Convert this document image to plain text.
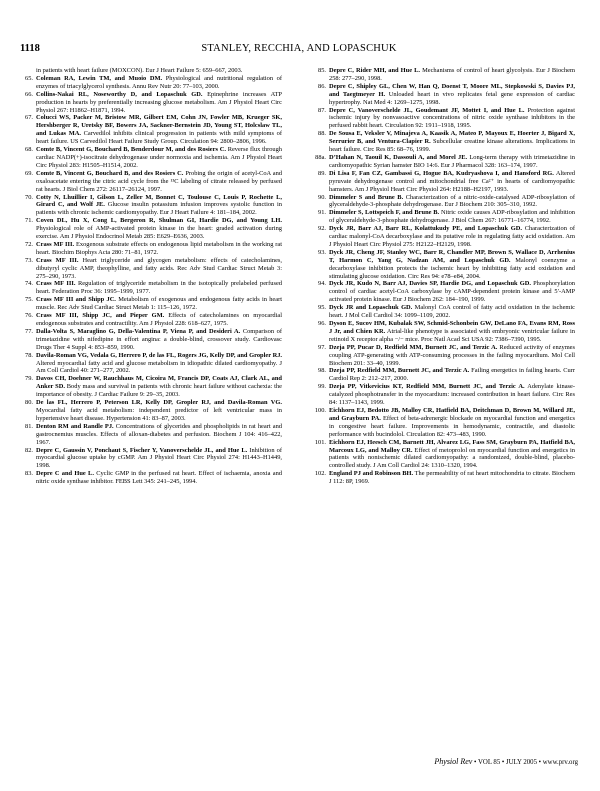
1118	STANLEY, RECCHIA, AND LOPASCHUK

in patients with heart failure (MOXCON). Eur J Heart Failure 5: 659–667, 2003.

65. Coleman RA, Lewin TM, and Muoio DM. Physiological and nutritional regulation of enzymes of triacylglycerol synthesis. Annu Rev Nutr 20: 77–103, 2000.

66. Collins-Nakai RL, Noseworthy D, and Lopaschuk GD. Epinephrine increases ATP production in hearts by preferentially increasing glucose metabolism. Am J Physiol Heart Circ Physiol 267: H1862–H1871, 1994.

67. Colucci WS, Packer M, Bristow MR, Gilbert EM, Cohn JN, Fowler MB, Krueger SK, Hershberger R, Uretsky BF, Bowers JA, Sackner-Bernstein JD, Young ST, Holcslaw TL, and Lukas MA. Carvedilol inhibits clinical progression in patients with mild symptoms of heart failure. US Carvedilol Heart Failure Study Group. Circulation 94: 2800–2806, 1996.

68. Comte B, Vincent G, Bouchard B, Benderdour M, and des Rosiers C. Reverse flux through cardiac NADP(+)-isocitrate dehydrogenase under normoxia and ischemia. Am J Physiol Heart Circ Physiol 283: H1505–H1514, 2002.

69. Comte B, Vincent G, Bouchard B, and des Rosiers C. Probing the origin of acetyl-CoA and oxaloacetate entering the citric acid cycle from the ¹³C labeling of citrate released by perfused rat hearts. J Biol Chem 272: 26117–26124, 1997.

70. Cotty N, Lhuillier I, Gilson L, Zeller M, Bonnet C, Toulouse C, Louis P, Rochette L, Girard C, and Wolf JE. Glucose insulin potassium infusion improves systolic function in patients with chronic ischemic cardiomyopathy. Eur J Heart Failure 4: 181–184, 2002.

71. Coven DL, Hu X, Cong L, Bergeron R, Shulman GI, Hardie DG, and Young LH. Physiological role of AMP-activated protein kinase in the heart: graded activation during exercise. Am J Physiol Endocrinol Metab 285: E629–E636, 2003.

72. Crass MF III. Exogenous substrate effects on endogenous lipid metabolism in the working rat heart. Biochim Biophys Acta 280: 71–81, 1972.

73. Crass MF III. Heart triglyceride and glycogen metabolism: effects of catecholamines, dibutyryl cyclic AMP, theophylline, and fatty acids. Rec Adv Stud Cardiac Struct Metab 3: 275–290, 1973.

74. Crass MF III. Regulation of triglyceride metabolism in the isotopically prelabeled perfused heart. Federation Proc 36: 1995–1999, 1977.

75. Crass MF III and Shipp JC. Metabolism of exogenous and endogenous fatty acids in heart muscle. Rec Adv Stud Cardiac Struct Metab 1: 115–126, 1972.

76. Crass MF III, Shipp JC, and Pieper GM. Effects of catecholamines on myocardial endogenous substrates and contractility. Am J Physiol 228: 618–627, 1975.

77. Dalla-Volta S, Maraglino G, Della-Valentina P, Viena P, and Desideri A. Comparison of trimetazidine with nifedipine in effort angina: a double-blind, crossover study. Cardiovasc Drugs Ther 4 Suppl 4: 853–859, 1990.

78. Davila-Roman VG, Vedala G, Herrero P, de las FL, Rogers JG, Kelly DP, and Gropler RJ. Altered myocardial fatty acid and glucose metabolism in idiopathic dilated cardiomyopathy. J Am Coll Cardiol 40: 271–277, 2002.

79. Davos CH, Doehner W, Rauchhaus M, Cicoira M, Francis DP, Coats AJ, Clark AL, and Anker SD. Body mass and survival in patients with chronic heart failure without cachexia: the importance of obesity. J Cardiac Failure 9: 29–35, 2003.

80. De las FL, Herrero P, Peterson LR, Kelly DP, Gropler RJ, and Davila-Roman VG. Myocardial fatty acid metabolism: independent predictor of left ventricular mass in hypertensive heart disease. Hypertension 41: 83–87, 2003.

81. Denton RM and Randle PJ. Concentrations of glycerides and phospholipids in rat heart and gastrocnemius muscles. Effects of alloxan-diabetes and perfusion. Biochem J 104: 416–422, 1967.

82. Depre C, Gaussin V, Ponchaut S, Fischer Y, Vanoverschelde JL, and Hue L. Inhibition of myocardial glucose uptake by cGMP. Am J Physiol Heart Circ Physiol 274: H1443–H1449, 1998.

83. Depre C and Hue L. Cyclic GMP in the perfused rat heart. Effect of ischaemia, anoxia and nitric oxide synthase inhibitor. FEBS Lett 345: 241–245, 1994.

85. Depre C, Rider MH, and Hue L. Mechanisms of control of heart glycolysis. Eur J Biochem 258: 277–290, 1998.

86. Depre C, Shipley GL, Chen W, Han Q, Doenst T, Moore ML, Stepkowski S, Davies PJ, and Taegtmeyer H. Unloaded heart in vivo replicates fetal gene expression of cardiac hypertrophy. Nat Med 4: 1269–1275, 1998.

87. Depre C, Vanoverschelde JL, Goudemant JF, Mottet I, and Hue L. Protection against ischemic injury by nonvasoactive concentrations of nitric oxide synthase inhibitors in the perfused rabbit heart. Circulation 92: 1911–1918, 1995.

88. De Sousa E, Veksler V, Minajeva A, Kaasik A, Mateo P, Mayoux E, Hoerter J, Bigard X, Serrurier B, and Ventura-Clapier R. Subcellular creatine kinase alterations. Implications in heart failure. Circ Res 85: 68–76, 1999.

88a. D’Hahan N, Taouil K, Dassouli A, and Morel JE. Long-term therapy with trimetazidine in cardiomyopathic Syrian hamster BIO 14:6. Eur J Pharmacol 328: 163–174, 1997.

89. Di Lisa F, Fan CZ, Gambassi G, Hogue BA, Kudryashova I, and Hansford RG. Altered pyruvate dehydrogenase control and mitochondrial free Ca²⁺ in hearts of cardiomyopathic hamsters. Am J Physiol Heart Circ Physiol 264: H2188–H2197, 1993.

90. Dimmeler S and Brune B. Characterization of a nitric-oxide-catalysed ADP-ribosylation of glyceraldehyde-3-phosphate dehydrogenase. Eur J Biochem 210: 305–310, 1992.

91. Dimmeler S, Lottspeich F, and Brune B. Nitric oxide causes ADP-ribosylation and inhibition of glyceraldehyde-3-phosphate dehydrogenase. J Biol Chem 267: 16771–16774, 1992.

92. Dyck JR, Barr AJ, Barr RL, Kolattukudy PE, and Lopaschuk GD. Characterization of cardiac malonyl-CoA decarboxylase and its putative role in regulating fatty acid oxidation. Am J Physiol Heart Circ Physiol 275: H2122–H2129, 1998.

93. Dyck JR, Cheng JF, Stanley WC, Barr R, Chandler MP, Brown S, Wallace D, Arrhenius T, Harmon C, Yang G, Nadzan AM, and Lopaschuk GD. Malonyl coenzyme a decarboxylase inhibition protects the ischemic heart by inhibiting fatty acid oxidation and stimulating glucose oxidation. Circ Res 94: e78–e84, 2004.

94. Dyck JR, Kudo N, Barr AJ, Davies SP, Hardie DG, and Lopaschuk GD. Phosphorylation control of cardiac acetyl-CoA carboxylase by cAMP-dependent protein kinase and 5′-AMP activated protein kinase. Eur J Biochem 262: 184–190, 1999.

95. Dyck JR and Lopaschuk GD. Malonyl CoA control of fatty acid oxidation in the ischemic heart. J Mol Cell Cardiol 34: 1099–1109, 2002.

96. Dyson E, Sucov HM, Kubalak SW, Schmid-Schonbein GW, DeLano FA, Evans RM, Ross J Jr, and Chien KR. Atrial-like phenotype is associated with embryonic ventricular failure in retinoid X receptor alpha −/− mice. Proc Natl Acad Sci USA 92: 7386–7390, 1995.

97. Dzeja PP, Pucar D, Redfield MM, Burnett JC, and Terzic A. Reduced activity of enzymes coupling ATP-generating with ATP-consuming processes in the failing myocardium. Mol Cell Biochem 201: 33–40, 1999.

98. Dzeja PP, Redfield MM, Burnett JC, and Terzic A. Failing energetics in failing hearts. Curr Cardiol Rep 2: 212–217, 2000.

99. Dzeja PP, Vitkevicius KT, Redfield MM, Burnett JC, and Terzic A. Adenylate kinase-catalyzed phosphotransfer in the myocardium: increased contribution in heart failure. Circ Res 84: 1137–1143, 1999.

100. Eichhorn EJ, Bedotto JB, Malloy CR, Hatfield BA, Deitchman D, Brown M, Willard JE, and Grayburn PA. Effect of beta-adrenergic blockade on myocardial function and energetics in congestive heart failure. Improvements in hemodynamic, contractile, and diastolic performance with bucindolol. Circulation 82: 473–483, 1990.

101. Eichhorn EJ, Heesch CM, Barnett JH, Alvarez LG, Fass SM, Grayburn PA, Hatfield BA, Marcoux LG, and Malloy CR. Effect of metoprolol on myocardial function and energetics in patients with nonischemic dilated cardiomyopathy: a randomized, double-blind, placebo-controlled study. J Am Coll Cardiol 24: 1310–1320, 1994.

102. England PJ and Robinson BH. The permeability of rat heart mitochondria to citrate. Biochem J 112: 8P, 1969.

Physiol Rev • VOL 85 • JULY 2005 • www.prv.org
